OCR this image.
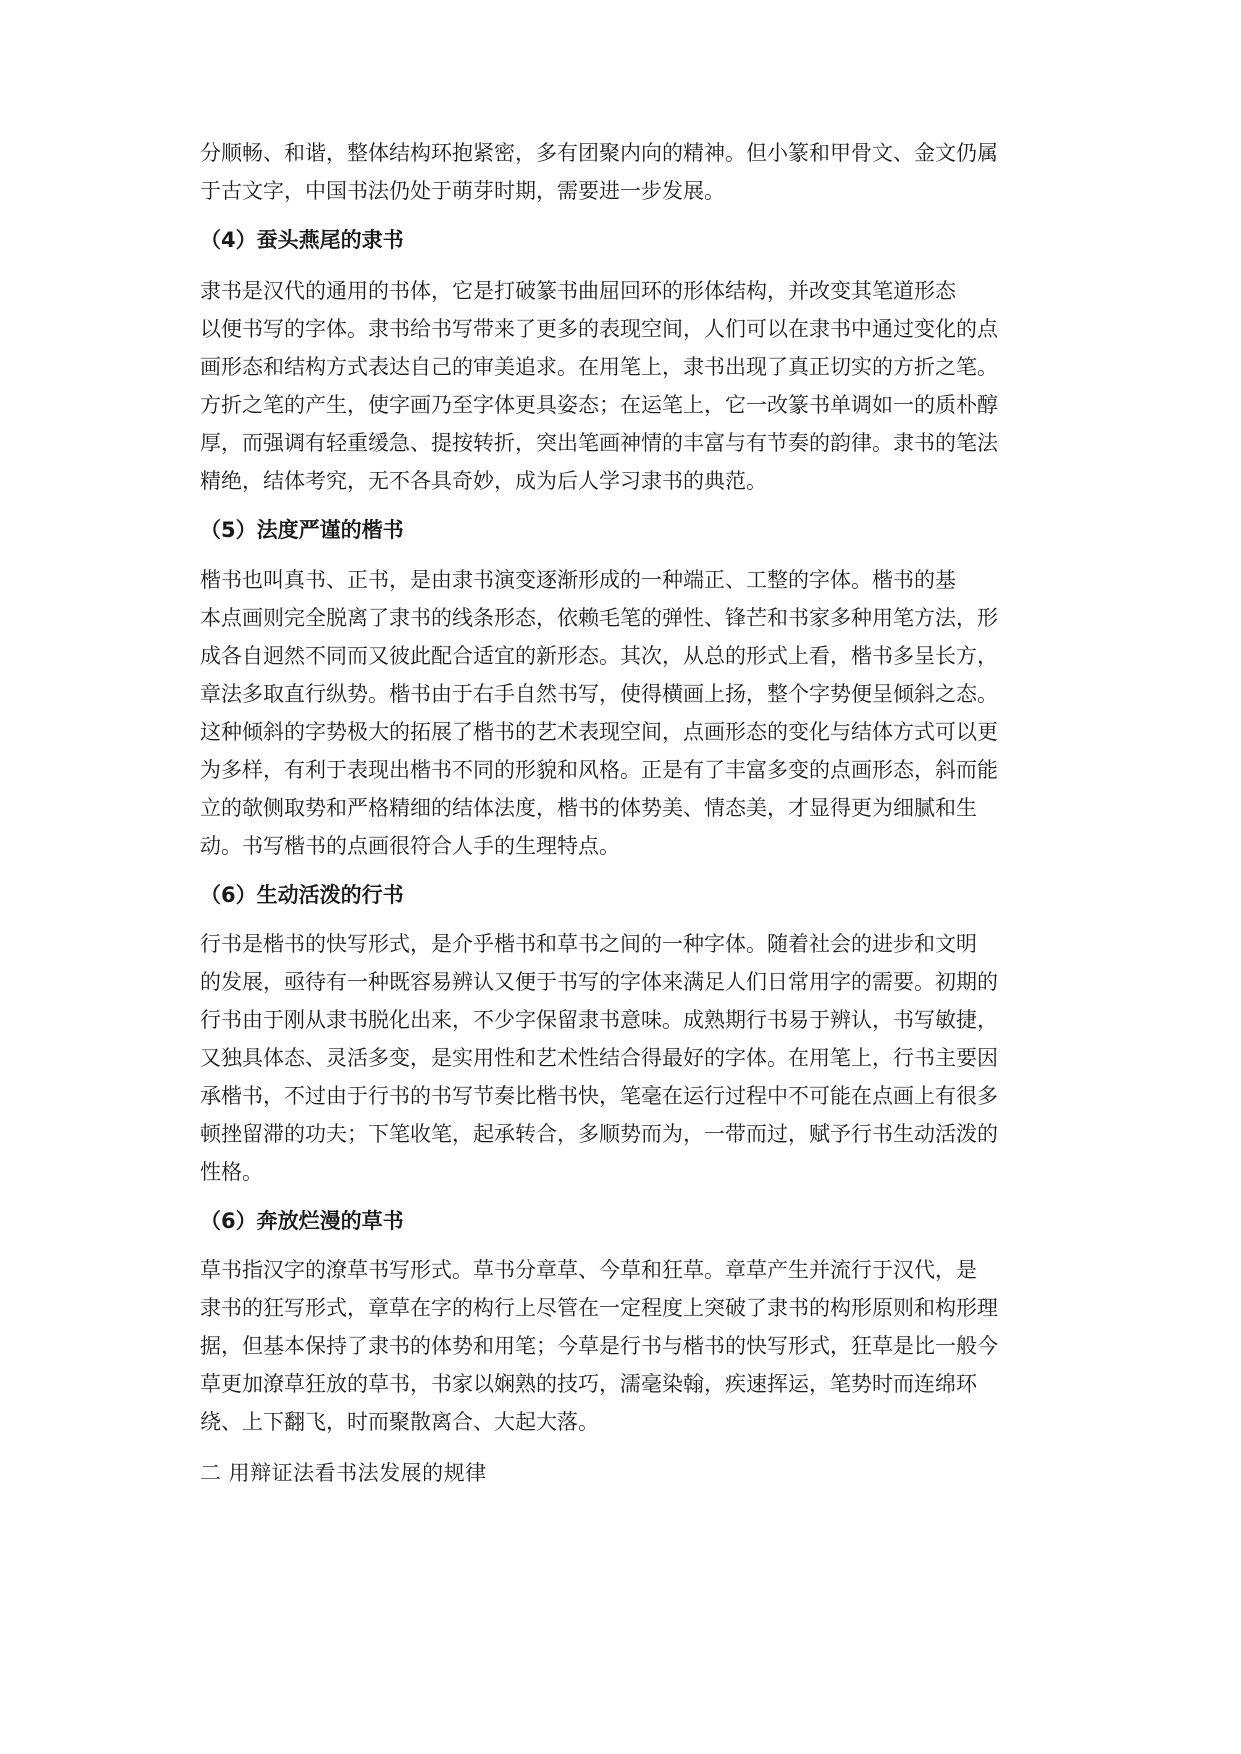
分顺畅、和谐，整体结构环抱紧密，多有团聚内向的精神。但小篆和甲骨文、金文仍属
于古文字，中国书法仍处于萌芽时期，需要进一步发展。
（4）蚕头燕尾的隶书
隶书是汉代的通用的书体，它是打破篆书曲屈回环的形体结构，并改变其笔道形态
以便书写的字体。隶书给书写带来了更多的表现空间，人们可以在隶书中通过变化的点
画形态和结构方式表达自己的审美追求。在用笔上，隶书出现了真正切实的方折之笔。
方折之笔的产生，使字画乃至字体更具姿态；在运笔上，它一改篆书单调如一的质朴醇
厚，而强调有轻重缓急、提按转折，突出笔画神情的丰富与有节奏的韵律。隶书的笔法
精绝，结体考究，无不各具奇妙，成为后人学习隶书的典范。
（5）法度严谨的楷书
楷书也叫真书、正书，是由隶书演变逐渐形成的一种端正、工整的字体。楷书的基
本点画则完全脱离了隶书的线条形态，依赖毛笔的弹性、锋芒和书家多种用笔方法，形
成各自迥然不同而又彼此配合适宜的新形态。其次，从总的形式上看，楷书多呈长方，
章法多取直行纵势。楷书由于右手自然书写，使得横画上扬，整个字势便呈倾斜之态。
这种倾斜的字势极大的拓展了楷书的艺术表现空间，点画形态的变化与结体方式可以更
为多样，有利于表现出楷书不同的形貌和风格。正是有了丰富多变的点画形态，斜而能
立的欹侧取势和严格精细的结体法度，楷书的体势美、情态美，才显得更为细腻和生
动。书写楷书的点画很符合人手的生理特点。
（6）生动活泼的行书
行书是楷书的快写形式，是介乎楷书和草书之间的一种字体。随着社会的进步和文明
的发展，亟待有一种既容易辨认又便于书写的字体来满足人们日常用字的需要。初期的
行书由于刚从隶书脱化出来，不少字保留隶书意味。成熟期行书易于辨认，书写敏捷，
又独具体态、灵活多变，是实用性和艺术性结合得最好的字体。在用笔上，行书主要因
承楷书，不过由于行书的书写节奏比楷书快，笔毫在运行过程中不可能在点画上有很多
顿挫留滞的功夫；下笔收笔，起承转合，多顺势而为，一带而过，赋予行书生动活泼的
性格。
（6）奔放烂漫的草书
草书指汉字的潦草书写形式。草书分章草、今草和狂草。章草产生并流行于汉代，是
隶书的狂写形式，章草在字的构行上尽管在一定程度上突破了隶书的构形原则和构形理
据，但基本保持了隶书的体势和用笔；今草是行书与楷书的快写形式，狂草是比一般今
草更加潦草狂放的草书，书家以娴熟的技巧，濡毫染翰，疾速挥运，笔势时而连绵环
绕、上下翻飞，时而聚散离合、大起大落。
二 用辩证法看书法发展的规律
